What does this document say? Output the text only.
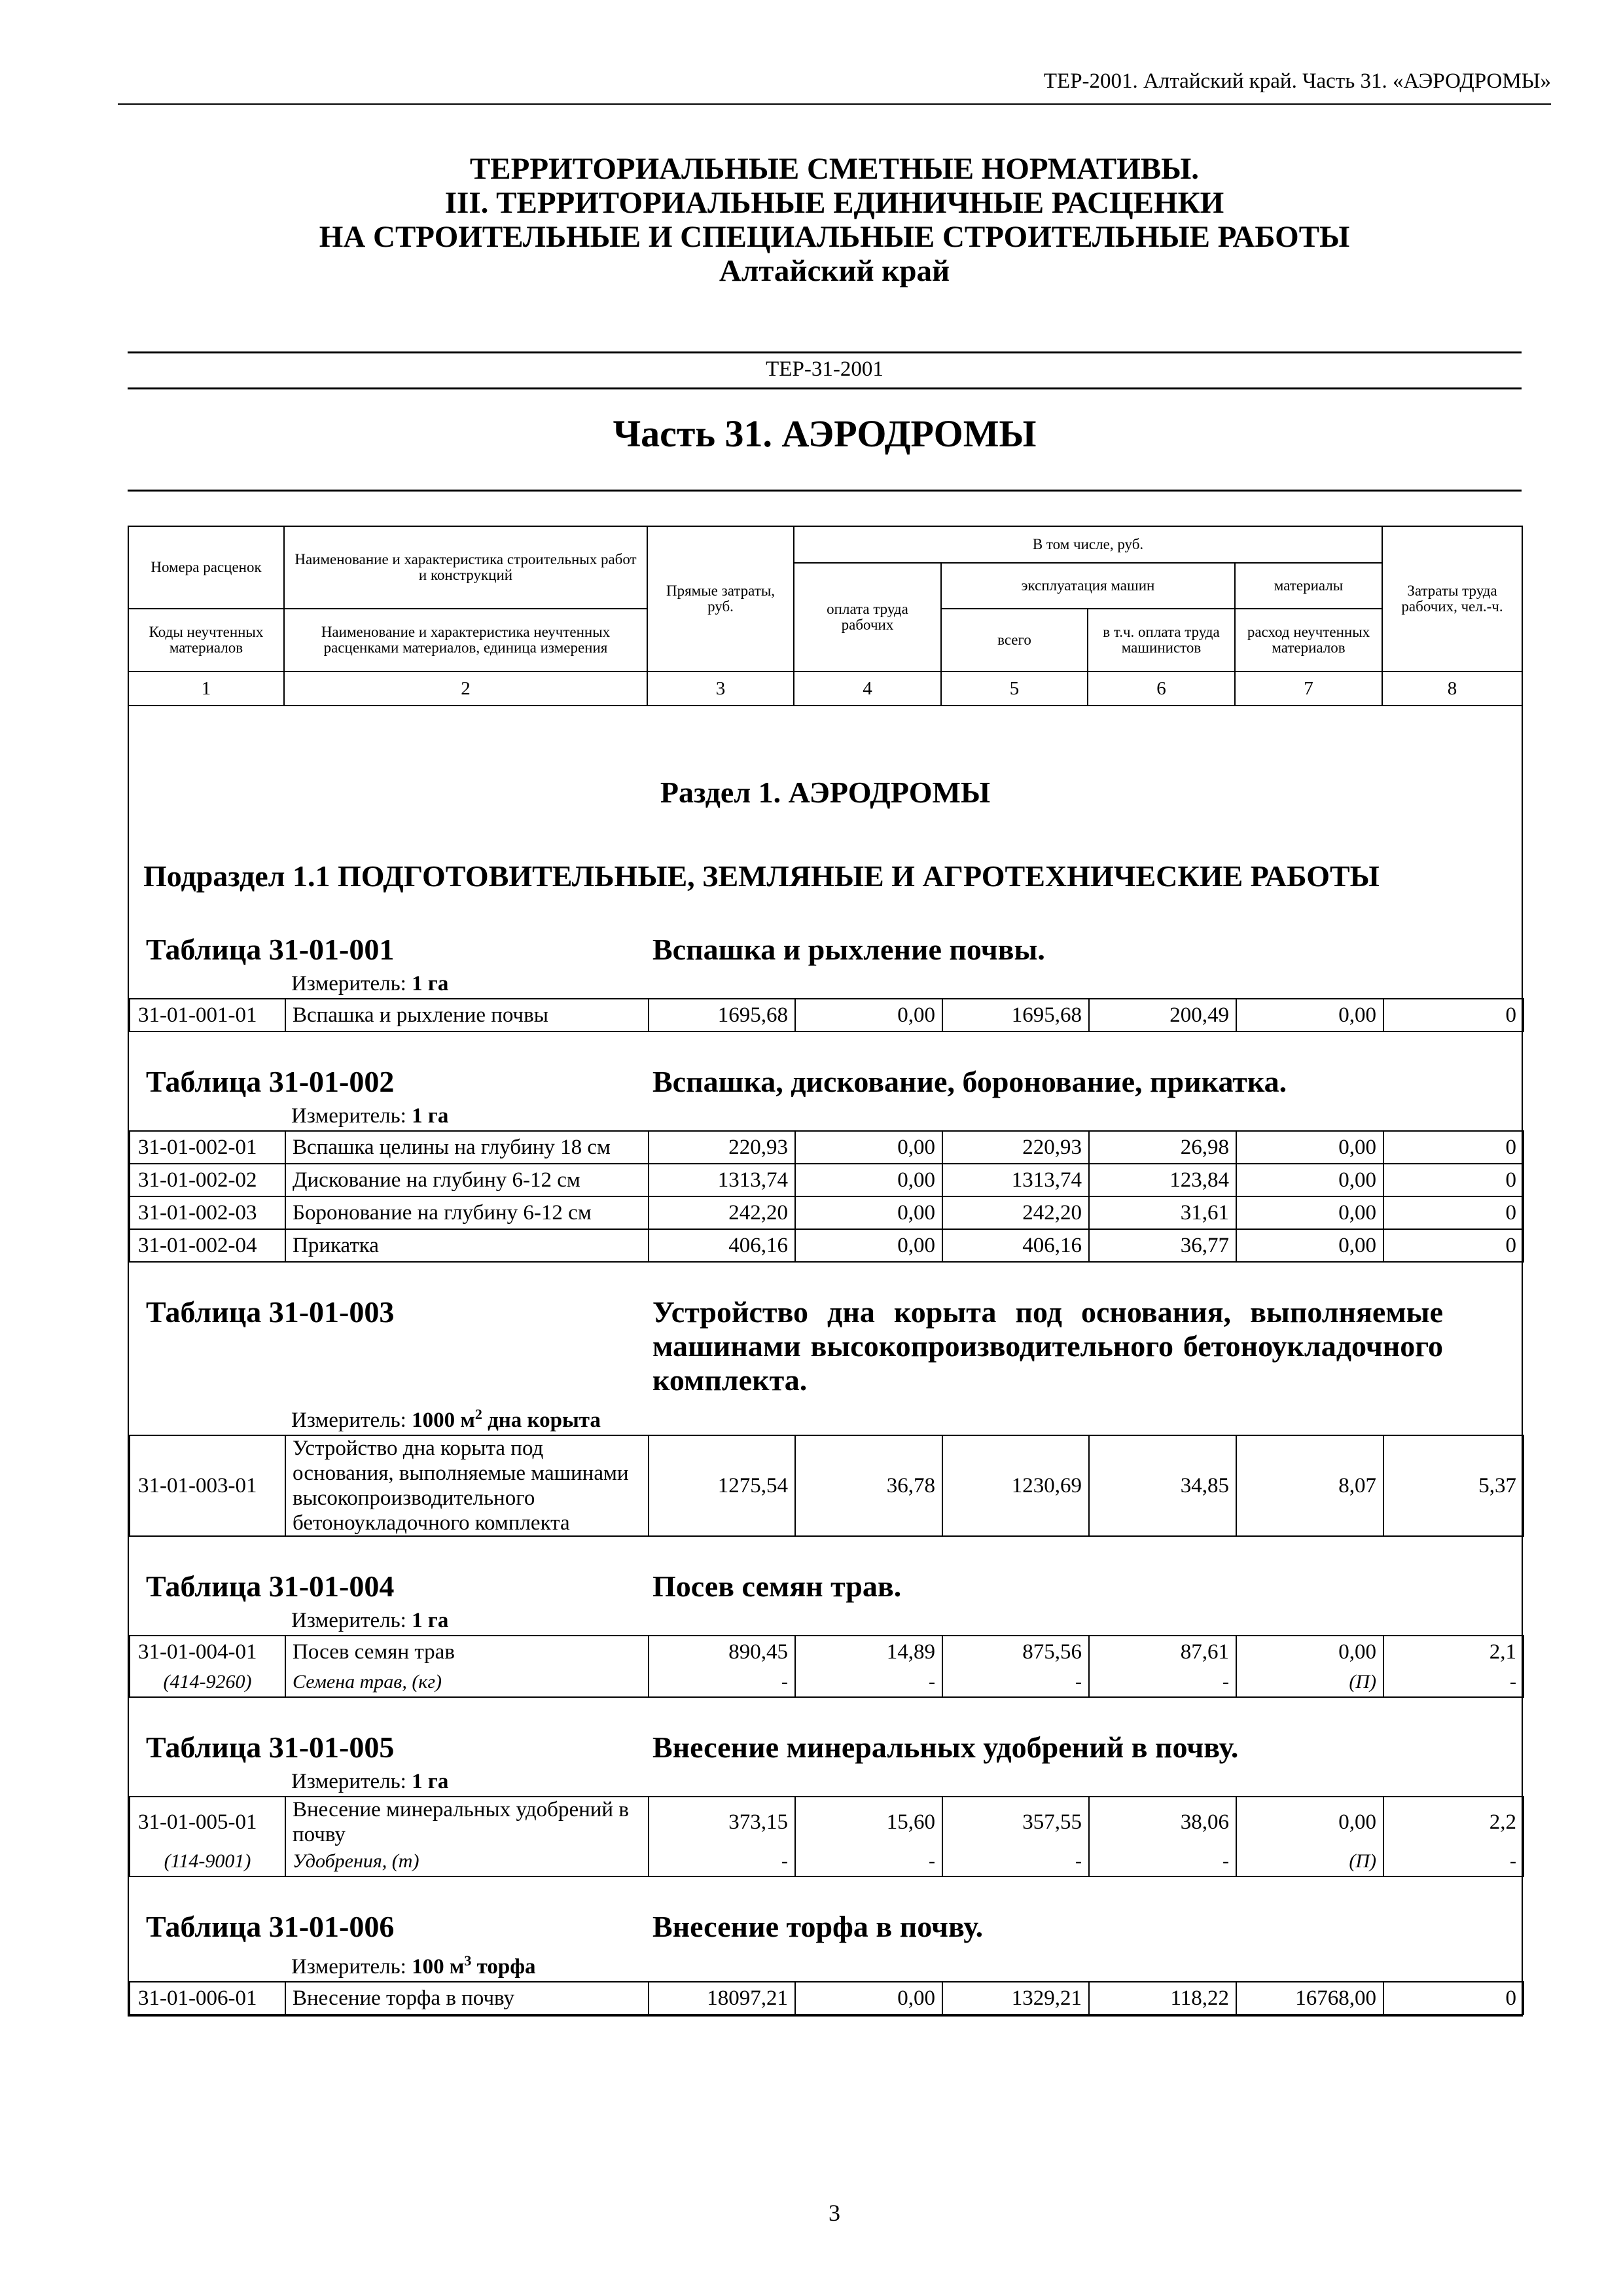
ТЕР-2001. Алтайский край. Часть 31. «АЭРОДРОМЫ»
ТЕРРИТОРИАЛЬНЫЕ СМЕТНЫЕ НОРМАТИВЫ.
III. ТЕРРИТОРИАЛЬНЫЕ ЕДИНИЧНЫЕ РАСЦЕНКИ
НА СТРОИТЕЛЬНЫЕ И СПЕЦИАЛЬНЫЕ СТРОИТЕЛЬНЫЕ РАБОТЫ
Алтайский край
ТЕР-31-2001
Часть 31. АЭРОДРОМЫ
Номера расценок	Наименование и характеристика строительных работ и конструкций	Прямые затраты, руб.	В том числе, руб.	Затраты труда рабочих, чел.-ч.
оплата труда рабочих	эксплуатация машин	материалы
Коды неучтенных материалов	Наименование и характеристика неучтенных расценками материалов, единица измерения	всего	в т.ч. оплата труда машинистов	расход неучтенных материалов

1	2	3	4	5	6	7	8

Раздел 1. АЭРОДРОМЫ
Подраздел 1.1 ПОДГОТОВИТЕЛЬНЫЕ, ЗЕМЛЯНЫЕ И АГРОТЕХНИЧЕСКИЕ РАБОТЫ
Таблица 31-01-001	Вспашка и рыхление почвы.
Измеритель: 1 га
31-01-001-01	Вспашка и рыхление почвы	1695,68	0,00	1695,68	200,49	0,00	0
Таблица 31-01-002	Вспашка, дискование, боронование, прикатка.
Измеритель: 1 га
31-01-002-01	Вспашка целины на глубину 18 см	220,93	0,00	220,93	26,98	0,00	0
31-01-002-02	Дискование на глубину 6-12 см	1313,74	0,00	1313,74	123,84	0,00	0
31-01-002-03	Боронование на глубину 6-12 см	242,20	0,00	242,20	31,61	0,00	0
31-01-002-04	Прикатка	406,16	0,00	406,16	36,77	0,00	0
Таблица 31-01-003	Устройство дна корыта под основания, выполняемые машинами высокопроизводительного бетоноукладочного комплекта.
Измеритель: 1000 $м^2$ дна корыта
31-01-003-01	Устройство дна корыта под основания, выполняемые машинами высокопроизводительного бетоноукладочного комплекта	1275,54	36,78	1230,69	34,85	8,07	5,37
Таблица 31-01-004	Посев семян трав.
Измеритель: 1 га
31-01-004-01	Посев семян трав	890,45	14,89	875,56	87,61	0,00	2,1
(414-9260)	Семена трав, (кг)	-	-	-	-	(П)	-
Таблица 31-01-005	Внесение минеральных удобрений в почву.
Измеритель: 1 га
31-01-005-01	Внесение минеральных удобрений в почву	373,15	15,60	357,55	38,06	0,00	2,2
(114-9001)	Удобрения, (т)	-	-	-	-	(П)	-
Таблица 31-01-006	Внесение торфа в почву.
Измеритель: 100 $м^3$ торфа
31-01-006-01	Внесение торфа в почву	18097,21	0,00	1329,21	118,22	16768,00	0
3
